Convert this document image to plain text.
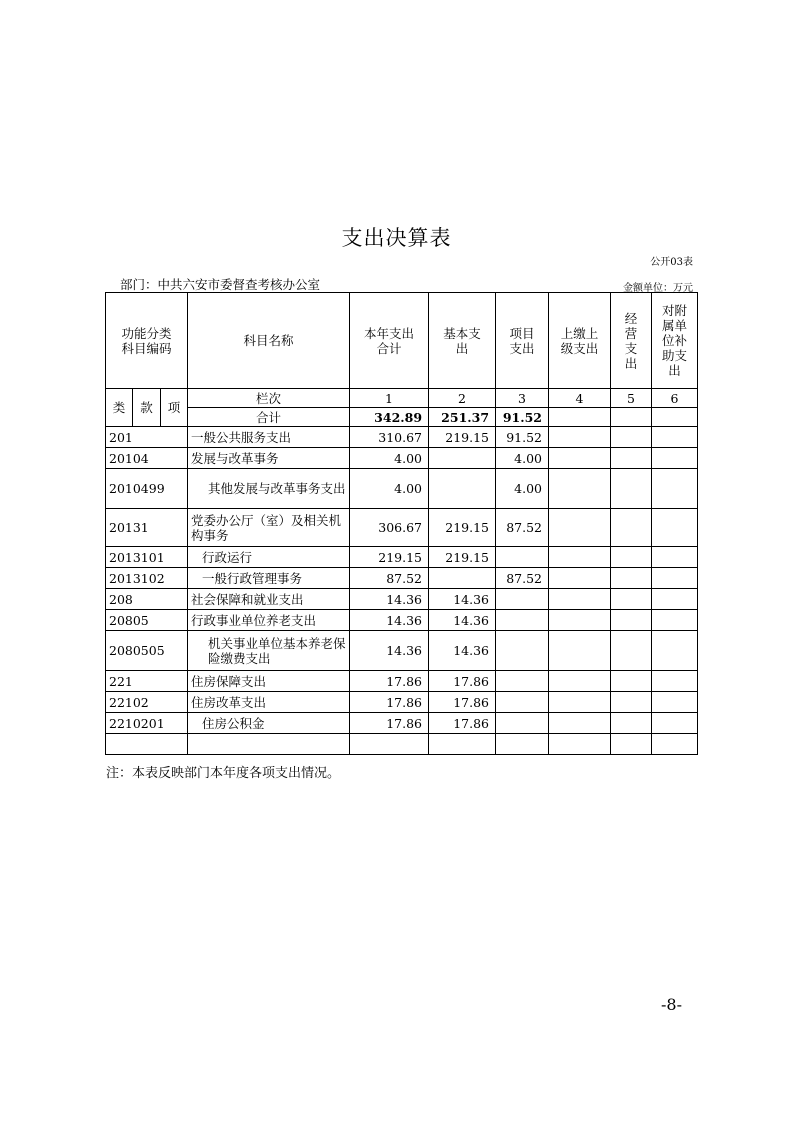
支出决算表
公开03表
部门：中共六安市委督查考核办公室	金额单位：万元
功能分类科目编码			科目名称	本年支出合计	基本支出	项目支出	上缴上级支出	经营支出	对附属单位补助支出
类	款	项	栏次	1	2	3	4	5	6
			合计	342.89	251.37	91.52			
201			一般公共服务支出	310.67	219.15	91.52			
20104			发展与改革事务	4.00		4.00			
2010499			其他发展与改革事务支出	4.00		4.00			
20131			党委办公厅（室）及相关机构事务	306.67	219.15	87.52			
2013101			行政运行	219.15	219.15				
2013102			一般行政管理事务	87.52		87.52			
208			社会保障和就业支出	14.36	14.36				
20805			行政事业单位养老支出	14.36	14.36				
2080505			机关事业单位基本养老保险缴费支出	14.36	14.36				
221			住房保障支出	17.86	17.86				
22102			住房改革支出	17.86	17.86				
2210201			住房公积金	17.86	17.86				

注：本表反映部门本年度各项支出情况。
-8-
